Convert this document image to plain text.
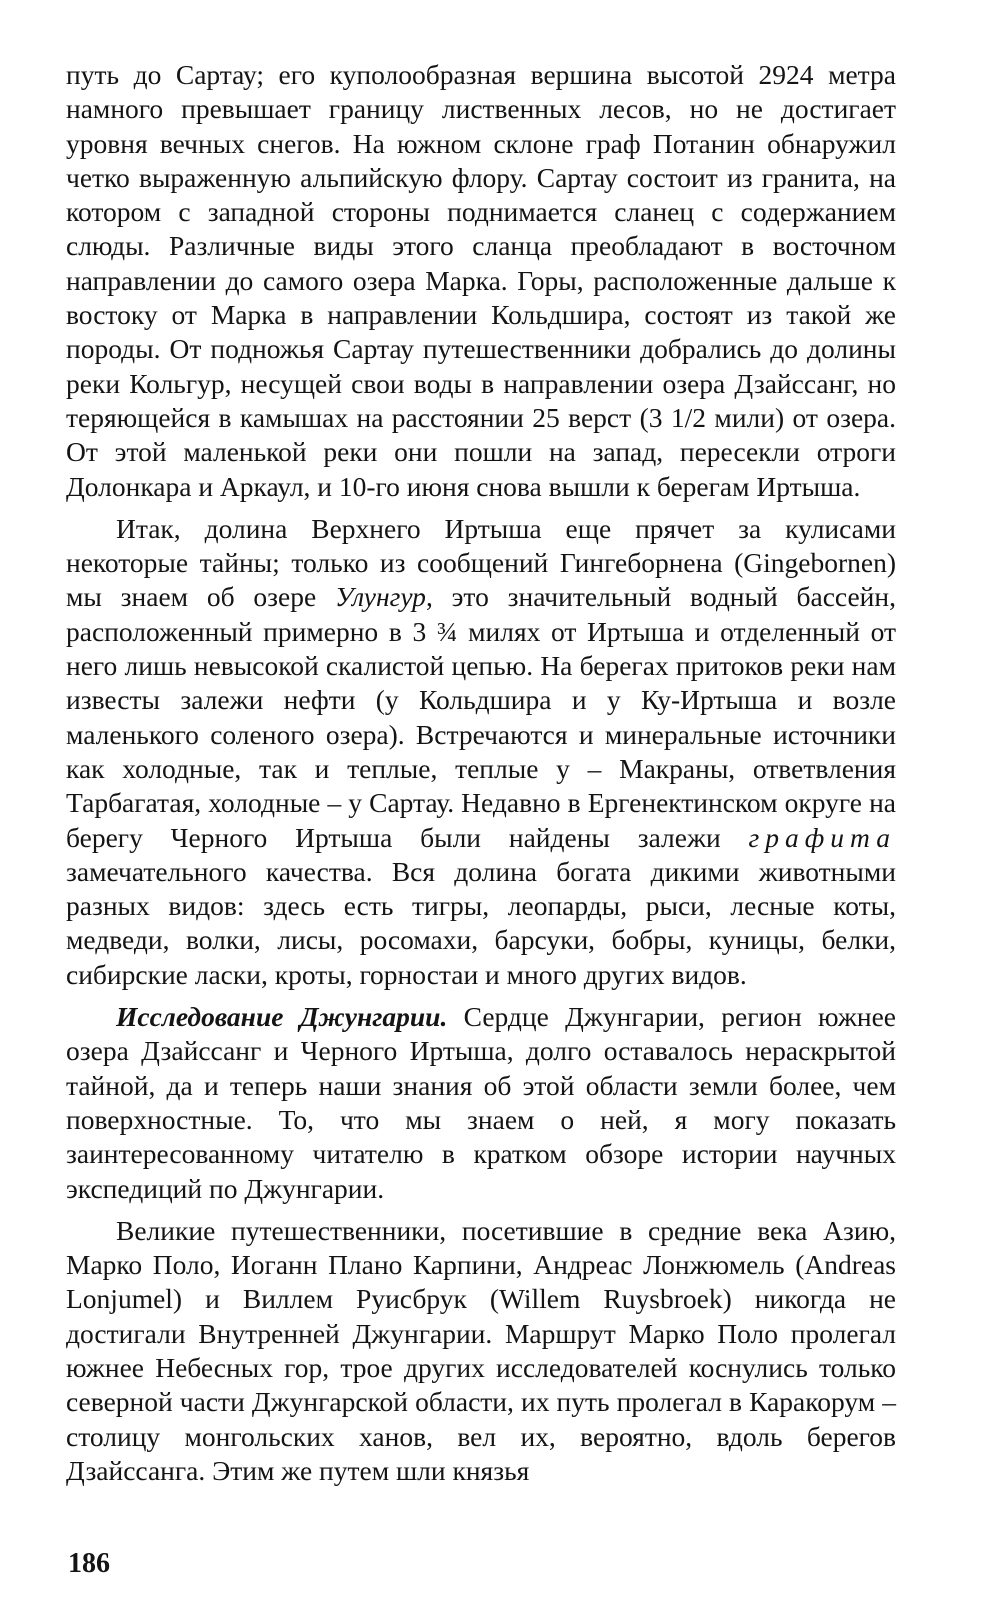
путь до Сартау; его куполообразная вершина высотой 2924 метра намного превышает границу лиственных лесов, но не достигает уровня вечных снегов. На южном склоне граф Потанин обнаружил четко выраженную альпийскую флору. Сартау состоит из гранита, на котором с западной стороны поднимается сланец с содержанием слюды. Различные виды этого сланца преобладают в восточном направлении до самого озера Марка. Горы, расположенные дальше к востоку от Марка в направлении Кольдшира, состоят из такой же породы. От подножья Сартау путешественники добрались до долины реки Кольгур, несущей свои воды в направлении озера Дзайссанг, но теряющейся в камышах на расстоянии 25 верст (3 1/2 мили) от озера. От этой маленькой реки они пошли на запад, пересекли отроги Долонкара и Аркаул, и 10-го июня снова вышли к берегам Иртыша.

Итак, долина Верхнего Иртыша еще прячет за кулисами некоторые тайны; только из сообщений Гингеборнена (Gingebornen) мы знаем об озере Улунгур, это значительный водный бассейн, расположенный примерно в 3 ¾ милях от Иртыша и отделенный от него лишь невысокой скалистой цепью. На берегах притоков реки нам известы залежи нефти (у Кольдшира и у Ку-Иртыша и возле маленького соленого озера). Встречаются и минеральные источники как холодные, так и теплые, теплые у – Макраны, ответвления Тарбагатая, холодные – у Сартау. Недавно в Ергенектинском округе на берегу Черного Иртыша были найдены залежи графита замечательного качества. Вся долина богата дикими животными разных видов: здесь есть тигры, леопарды, рыси, лесные коты, медведи, волки, лисы, росомахи, барсуки, бобры, куницы, белки, сибирские ласки, кроты, горностаи и много других видов.

Исследование Джунгарии. Сердце Джунгарии, регион южнее озера Дзайссанг и Черного Иртыша, долго оставалось нераскрытой тайной, да и теперь наши знания об этой области земли более, чем поверхностные. То, что мы знаем о ней, я могу показать заинтересованному читателю в кратком обзоре истории научных экспедиций по Джунгарии.

Великие путешественники, посетившие в средние века Азию, Марко Поло, Иоганн Плано Карпини, Андреас Лонжюмель (Andreas Lonjumel) и Виллем Руисбрук (Willem Ruysbroek) никогда не достигали Внутренней Джунгарии. Маршрут Марко Поло пролегал южнее Небесных гор, трое других исследователей коснулись только северной части Джунгарской области, их путь пролегал в Каракорум – столицу монгольских ханов, вел их, вероятно, вдоль берегов Дзайссанга. Этим же путем шли князья

186
